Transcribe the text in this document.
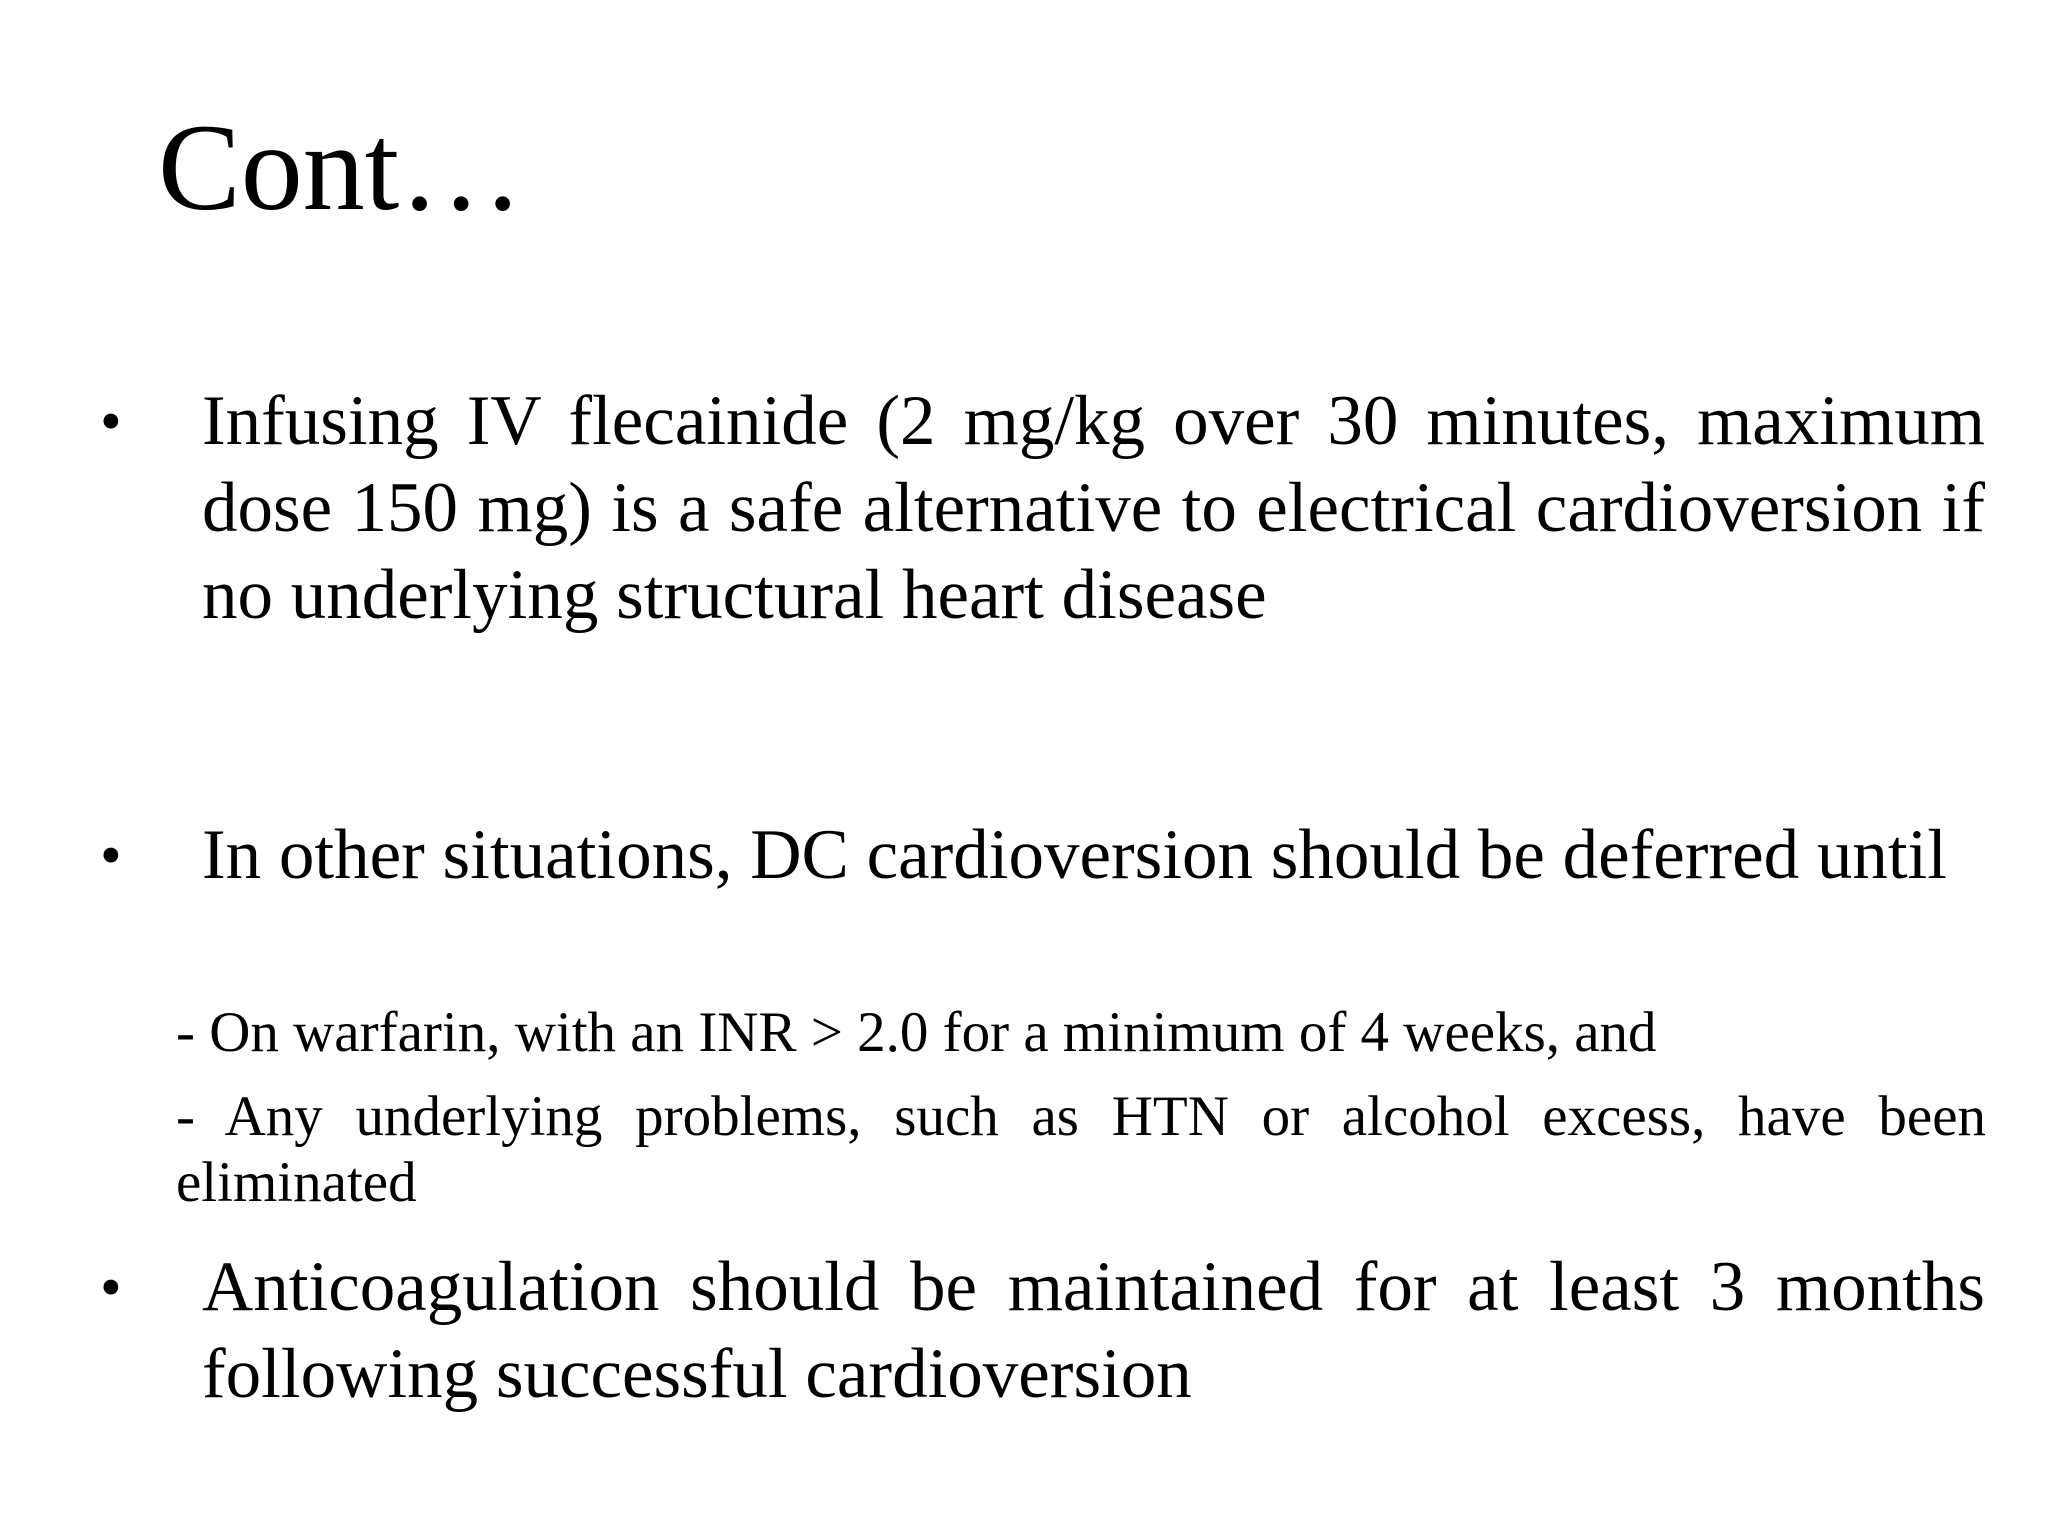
Cont…
• Infusing IV flecainide (2 mg/kg over 30 minutes, maximum dose 150 mg) is a safe alternative to electrical cardioversion if no underlying structural heart disease

• In other situations, DC cardioversion should be deferred until

- On warfarin, with an INR > 2.0 for a minimum of 4 weeks, and

- Any underlying problems, such as HTN or alcohol excess, have been eliminated

• Anticoagulation should be maintained for at least 3 months following successful cardioversion
